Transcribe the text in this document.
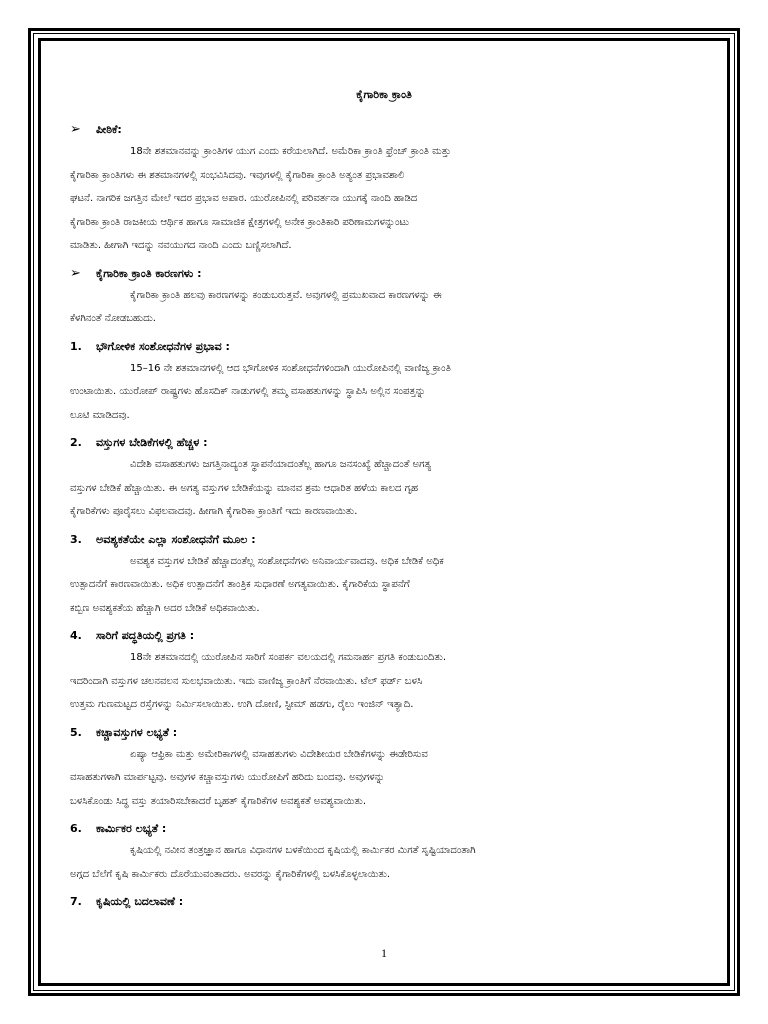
ಕೈಗಾರಿಕಾ ಕ್ರಾಂತಿ
➢	ಪೀಠಿಕೆ:
18ನೇ ಶತಮಾನವನ್ನು ಕ್ರಾಂತಿಗಳ ಯುಗ ಎಂದು ಕರೆಯಲಾಗಿದೆ. ಅಮೆರಿಕಾ ಕ್ರಾಂತಿ ಫ್ರೆಂಚ್ ಕ್ರಾಂತಿ ಮತ್ತು
ಕೈಗಾರಿಕಾ ಕ್ರಾಂತಿಗಳು ಈ ಶತಮಾನಗಳಲ್ಲಿ ಸಂಭವಿಸಿದವು. ಇವುಗಳಲ್ಲಿ ಕೈಗಾರಿಕಾ ಕ್ರಾಂತಿ ಅತ್ಯಂತ ಪ್ರಭಾವಶಾಲಿ
ಘಟನೆ. ನಾಗರಿಕ ಜಗತ್ತಿನ ಮೇಲೆ ಇದರ ಪ್ರಭಾವ ಅಪಾರ. ಯುರೋಪಿನಲ್ಲಿ ಪರಿವರ್ತನಾ ಯುಗಕ್ಕೆ ನಾಂದಿ ಹಾಡಿದ
ಕೈಗಾರಿಕಾ ಕ್ರಾಂತಿ ರಾಜಕೀಯ ಆರ್ಥಿಕ ಹಾಗೂ ಸಾಮಾಜಿಕ ಕ್ಷೇತ್ರಗಳಲ್ಲಿ ಅನೇಕ ಕ್ರಾಂತಿಕಾರಿ ಪರಿಣಾಮಗಳನ್ನುಂಟು
ಮಾಡಿತು. ಹೀಗಾಗಿ ಇದನ್ನು ನವಯುಗದ ನಾಂದಿ ಎಂದು ಬಣ್ಣಿಸಲಾಗಿದೆ.
➢	ಕೈಗಾರಿಕಾ ಕ್ರಾಂತಿ ಕಾರಣಗಳು :
ಕೈಗಾರಿಕಾ ಕ್ರಾಂತಿ ಹಲವು ಕಾರಣಗಳನ್ನು ಕಂಡುಬರುತ್ತವೆ. ಅವುಗಳಲ್ಲಿ ಪ್ರಮುಖವಾದ ಕಾರಣಗಳನ್ನು ಈ
ಕೆಳಗಿನಂತೆ ನೋಡಬಹುದು.
1.	ಭೌಗೋಳಿಕ ಸಂಶೋಧನೆಗಳ ಪ್ರಭಾವ :
15–16 ನೇ ಶತಮಾನಗಳಲ್ಲಿ ಆದ ಭೌಗೋಳಿಕ ಸಂಶೋಧನೆಗಳಿಂದಾಗಿ ಯುರೋಪಿನಲ್ಲಿ ವಾಣಿಜ್ಯ ಕ್ರಾಂತಿ
ಉಂಟಾಯಿತು. ಯುರೋಪ್ ರಾಷ್ಟ್ರಗಳು ಹೊಸದಿಕ್ ನಾಡುಗಳಲ್ಲಿ ತಮ್ಮ ವಸಾಹತುಗಳನ್ನು ಸ್ಥಾಪಿಸಿ ಅಲ್ಲಿನ ಸಂಪತ್ತನ್ನು
ಲೂಟಿ ಮಾಡಿದವು.
2.	ವಸ್ತುಗಳ ಬೇಡಿಕೆಗಳಲ್ಲಿ ಹೆಚ್ಚಳ :
ವಿದೇಶಿ ವಸಾಹತುಗಳು ಜಗತ್ತಿನಾದ್ಯಂತ ಸ್ಥಾಪನೆಯಾದಂತೆಲ್ಲ ಹಾಗೂ ಜನಸಂಖ್ಯೆ ಹೆಚ್ಚಾದಂತೆ ಅಗತ್ಯ
ವಸ್ತುಗಳ ಬೇಡಿಕೆ ಹೆಚ್ಚಾಯಿತು. ಈ ಅಗತ್ಯ ವಸ್ತುಗಳ ಬೇಡಿಕೆಯನ್ನು ಮಾನವ ಶ್ರಮ ಆಧಾರಿತ ಹಳೆಯ ಕಾಲದ ಗೃಹ
ಕೈಗಾರಿಕೆಗಳು ಪೂರೈಸಲು ವಿಫಲವಾದವು. ಹೀಗಾಗಿ ಕೈಗಾರಿಕಾ ಕ್ರಾಂತಿಗೆ ಇದು ಕಾರಣವಾಯಿತು.
3.	ಅವಶ್ಯಕತೆಯೇ ಎಲ್ಲಾ ಸಂಶೋಧನೆಗೆ ಮೂಲ :
ಅವಶ್ಯಕ ವಸ್ತುಗಳ ಬೇಡಿಕೆ ಹೆಚ್ಚಾದಂತೆಲ್ಲ ಸಂಶೋಧನೆಗಳು ಅನಿವಾರ್ಯವಾದವು. ಅಧಿಕ ಬೇಡಿಕೆ ಅಧಿಕ
ಉತ್ಪಾದನೆಗೆ ಕಾರಣವಾಯಿತು. ಅಧಿಕ ಉತ್ಪಾದನೆಗೆ ತಾಂತ್ರಿಕ ಸುಧಾರಣೆ ಅಗತ್ಯವಾಯಿತು. ಕೈಗಾರಿಕೆಯ ಸ್ಥಾಪನೆಗೆ
ಕಬ್ಬಿಣ ಅವಶ್ಯಕತೆಯ ಹೆಚ್ಚಾಗಿ ಅದರ ಬೇಡಿಕೆ ಅಧಿಕವಾಯಿತು.
4.	ಸಾರಿಗೆ ಪದ್ಧತಿಯಲ್ಲಿ ಪ್ರಗತಿ :
18ನೇ ಶತಮಾನದಲ್ಲಿ ಯುರೋಪಿನ ಸಾರಿಗೆ ಸಂಪರ್ಕ ವಲಯದಲ್ಲಿ ಗಮನಾರ್ಹ ಪ್ರಗತಿ ಕಂಡುಬಂದಿತು.
ಇದರಿಂದಾಗಿ ವಸ್ತುಗಳ ಚಲನವಲನ ಸುಲಭವಾಯಿತು. ಇದು ವಾಣಿಜ್ಯ ಕ್ರಾಂತಿಗೆ ನೆರವಾಯಿತು. ಟೆಲ್ ಫರ್ಡ್ ಬಳಸಿ
ಉತ್ತಮ ಗುಣಮಟ್ಟದ ರಸ್ತೆಗಳನ್ನು ನಿರ್ಮಿಸಲಾಯಿತು. ಉಗಿ ದೋಣಿ, ಸ್ಟೀಮ್ ಹಡಗು, ರೈಲು ಇಂಜಿನ್ ಇತ್ಯಾದಿ.
5.	ಕಚ್ಚಾವಸ್ತುಗಳ ಲಭ್ಯತೆ :
ಏಷ್ಯಾ ಆಫ್ರಿಕಾ ಮತ್ತು ಅಮೇರಿಕಾಗಳಲ್ಲಿ ವಸಾಹತುಗಳು ವಿದೇಶೀಯರ ಬೇಡಿಕೆಗಳನ್ನು ಈಡೇರಿಸುವ
ವಸಾಹತುಗಳಾಗಿ ಮಾರ್ಪಟ್ಟವು. ಅವುಗಳ ಕಚ್ಚಾವಸ್ತುಗಳು ಯುರೋಪಿಗೆ ಹರಿದು ಬಂದವು. ಅವುಗಳನ್ನು
ಬಳಸಿಕೊಂಡು ಸಿದ್ಧ ವಸ್ತು ತಯಾರಿಸಬೇಕಾದರೆ ಬೃಹತ್ ಕೈಗಾರಿಕೆಗಳ ಅವಶ್ಯಕತೆ ಅವಶ್ಯವಾಯಿತು.
6.	ಕಾರ್ಮಿಕರ ಲಭ್ಯತೆ :
ಕೃಷಿಯಲ್ಲಿ ನವೀನ ತಂತ್ರಜ್ಞಾನ ಹಾಗೂ ವಿಧಾನಗಳ ಬಳಕೆಯಿಂದ ಕೃಷಿಯಲ್ಲಿ ಕಾರ್ಮಿಕರ ಮಿಗತೆ ಸೃಷ್ಟಿಯಾದಂತಾಗಿ
ಅಗ್ಗದ ಬೆಲೆಗೆ ಕೃಷಿ ಕಾರ್ಮಿಕರು ದೊರೆಯುವಂತಾದರು. ಅವರನ್ನು ಕೈಗಾರಿಕೆಗಳಲ್ಲಿ ಬಳಸಿಕೊಳ್ಳಲಾಯಿತು.
7.	ಕೃಷಿಯಲ್ಲಿ ಬದಲಾವಣೆ :
1
